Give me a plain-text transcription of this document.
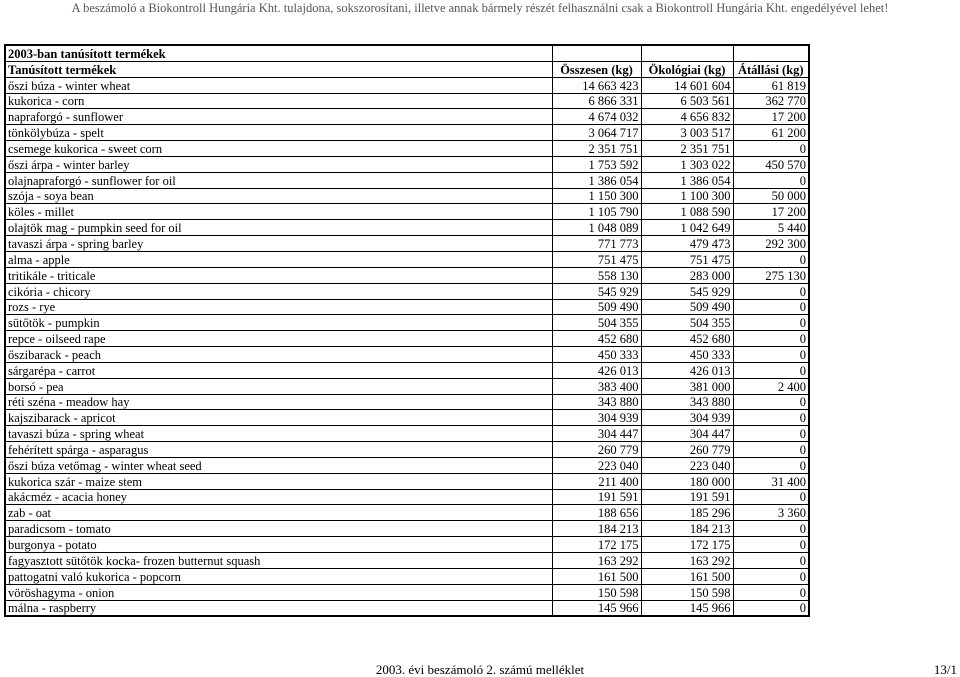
A beszámoló a Biokontroll Hungária Kht. tulajdona, sokszorosítani, illetve annak bármely részét felhasználni csak a Biokontroll Hungária Kht. engedélyével lehet!
2003-ban tanúsított termékek			
Tanúsított termékek	Összesen (kg)	Ökológiai (kg)	Átállási (kg)
őszi búza - winter wheat	14 663 423	14 601 604	61 819
kukorica - corn	6 866 331	6 503 561	362 770
napraforgó - sunflower	4 674 032	4 656 832	17 200
tönkölybúza - spelt	3 064 717	3 003 517	61 200
csemege kukorica - sweet corn	2 351 751	2 351 751	0
őszi árpa - winter barley	1 753 592	1 303 022	450 570
olajnapraforgó - sunflower for oil	1 386 054	1 386 054	0
szója - soya bean	1 150 300	1 100 300	50 000
köles - millet	1 105 790	1 088 590	17 200
olajtök mag - pumpkin seed for oil	1 048 089	1 042 649	5 440
tavaszi árpa - spring barley	771 773	479 473	292 300
alma - apple	751 475	751 475	0
tritikále - triticale	558 130	283 000	275 130
cikória - chicory	545 929	545 929	0
rozs - rye	509 490	509 490	0
sütőtök - pumpkin	504 355	504 355	0
repce - oilseed rape	452 680	452 680	0
őszibarack - peach	450 333	450 333	0
sárgarépa - carrot	426 013	426 013	0
borsó - pea	383 400	381 000	2 400
réti széna - meadow hay	343 880	343 880	0
kajszibarack - apricot	304 939	304 939	0
tavaszi búza - spring wheat	304 447	304 447	0
fehérített spárga - asparagus	260 779	260 779	0
őszi búza vetőmag - winter wheat seed	223 040	223 040	0
kukorica szár - maize stem	211 400	180 000	31 400
akácméz - acacia honey	191 591	191 591	0
zab - oat	188 656	185 296	3 360
paradicsom - tomato	184 213	184 213	0
burgonya - potato	172 175	172 175	0
fagyasztott sütőtök kocka- frozen butternut squash	163 292	163 292	0
pattogatni való kukorica - popcorn	161 500	161 500	0
vöröshagyma - onion	150 598	150 598	0
málna - raspberry	145 966	145 966	0
2003. évi beszámoló 2. számú melléklet	13/1
